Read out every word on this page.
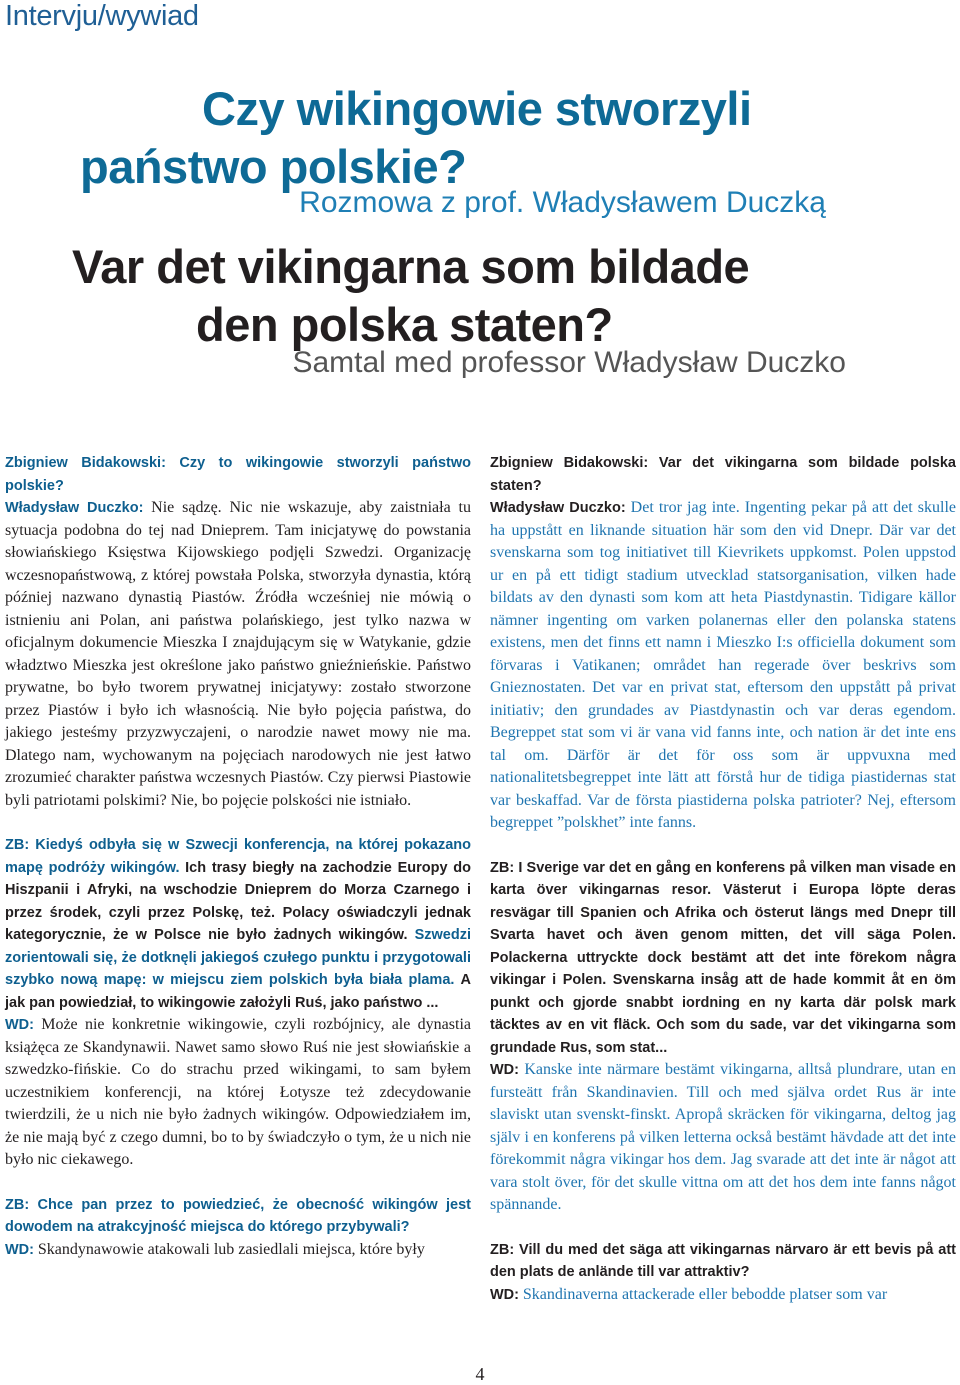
Intervju/wywiad
Czy wikingowie stworzyli
państwo polskie?
Rozmowa z prof. Władysławem Duczką
Var det vikingarna som bildade
den polska staten?
Samtal med professor Władysław Duczko

Zbigniew Bidakowski: Czy to wikingowie stworzyli państwo polskie?

Władysław Duczko: Nie sądzę. Nic nie wskazuje, aby zaistniała tu sytuacja podobna do tej nad Dnieprem. Tam inicjatywę do powstania słowiańskiego Księstwa Kijowskiego podjęli Szwedzi. Organizację wczesnopaństwową, z której powstała Polska, stworzyła dynastia, którą później nazwano dynastią Piastów. Źródła wcześniej nie mówią o istnieniu ani Polan, ani państwa polańskiego, jest tylko nazwa w oficjalnym dokumencie Mieszka I znajdującym się w Watykanie, gdzie władztwo Mieszka jest określone jako państwo gnieźnieńskie. Państwo prywatne, bo było tworem prywatnej inicjatywy: zostało stworzone przez Piastów i było ich własnością. Nie było pojęcia państwa, do jakiego jesteśmy przyzwyczajeni, o narodzie nawet mowy nie ma. Dlatego nam, wychowanym na pojęciach narodowych nie jest łatwo zrozumieć charakter państwa wczesnych Piastów. Czy pierwsi Piastowie byli patriotami polskimi? Nie, bo pojęcie polskości nie istniało.

ZB: Kiedyś odbyła się w Szwecji konferencja, na której pokazano mapę podróży wikingów. Ich trasy biegły na zachodzie Europy do Hiszpanii i Afryki, na wschodzie Dnieprem do Morza Czarnego i przez środek, czyli przez Polskę, też. Polacy oświadczyli jednak kategorycznie, że w Polsce nie było żadnych wikingów. Szwedzi zorientowali się, że dotknęli jakiegoś czułego punktu i przygotowali szybko nową mapę: w miejscu ziem polskich była biała plama. A jak pan powiedział, to wikingowie założyli Ruś, jako państwo ...

WD: Może nie konkretnie wikingowie, czyli rozbójnicy, ale dynastia książęca ze Skandynawii. Nawet samo słowo Ruś nie jest słowiańskie a szwedzko-fińskie. Co do strachu przed wikingami, to sam byłem uczestnikiem konferencji, na której Łotysze też zdecydowanie twierdzili, że u nich nie było żadnych wikingów. Odpowiedziałem im, że nie mają być z czego dumni, bo to by świadczyło o tym, że u nich nie było nic ciekawego.

ZB: Chce pan przez to powiedzieć, że obecność wikingów jest dowodem na atrakcyjność miejsca do którego przybywali?

WD: Skandynawowie atakowali lub zasiedlali miejsca, które były

Zbigniew Bidakowski: Var det vikingarna som bildade polska staten?

Władysław Duczko: Det tror jag inte. Ingenting pekar på att det skulle ha uppstått en liknande situation här som den vid Dnepr. Där var det svenskarna som tog initiativet till Kievrikets uppkomst. Polen uppstod ur en på ett tidigt stadium utvecklad statsorganisation, vilken hade bildats av den dynasti som kom att heta Piastdynastin. Tidigare källor nämner ingenting om varken polanernas eller den polanska statens existens, men det finns ett namn i Mieszko I:s officiella dokument som förvaras i Vatikanen; området han regerade över beskrivs som Gnieznostaten. Det var en privat stat, eftersom den uppstått på privat initiativ; den grundades av Piastdynastin och var deras egendom. Begreppet stat som vi är vana vid fanns inte, och nation är det inte ens tal om. Därför är det för oss som är uppvuxna med nationalitetsbegreppet inte lätt att förstå hur de tidiga piastidernas stat var beskaffad. Var de första piastiderna polska patrioter? Nej, eftersom begreppet ”polskhet” inte fanns.

ZB: I Sverige var det en gång en konferens på vilken man visade en karta över vikingarnas resor. Västerut i Europa löpte deras resvägar till Spanien och Afrika och österut längs med Dnepr till Svarta havet och även genom mitten, det vill säga Polen. Polackerna uttryckte dock bestämt att det inte förekom några vikingar i Polen. Svenskarna insåg att de hade kommit åt en öm punkt och gjorde snabbt iordning en ny karta där polsk mark täcktes av en vit fläck. Och som du sade, var det vikingarna som grundade Rus, som stat...

WD: Kanske inte närmare bestämt vikingarna, alltså plundrare, utan en fursteätt från Skandinavien. Till och med själva ordet Rus är inte slaviskt utan svenskt-finskt. Apropå skräcken för vikingarna, deltog jag själv i en konferens på vilken letterna också bestämt hävdade att det inte förekommit några vikingar hos dem. Jag svarade att det inte är något att vara stolt över, för det skulle vittna om att det hos dem inte fanns något spännande.

ZB: Vill du med det säga att vikingarnas närvaro är ett bevis på att den plats de anlände till var attraktiv?

WD: Skandinaverna attackerade eller bebodde platser som var

4
